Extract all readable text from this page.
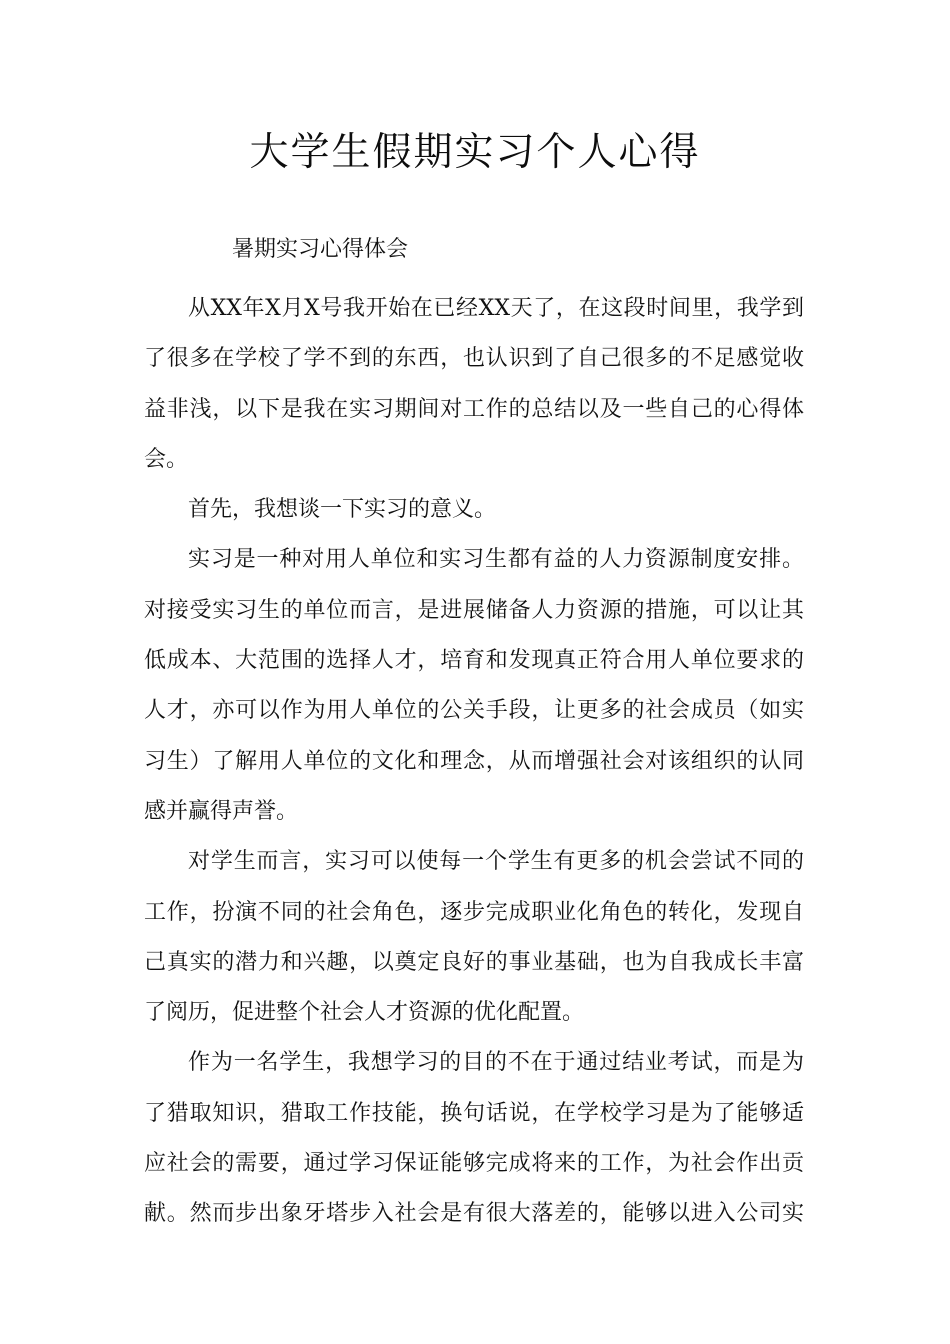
大学生假期实习个人心得

暑期实习心得体会

从XX年X月X号我开始在已经XX天了，在这段时间里，我学到
了很多在学校了学不到的东西，也认识到了自己很多的不足感觉收
益非浅，以下是我在实习期间对工作的总结以及一些自己的心得体
会。
首先，我想谈一下实习的意义。
实习是一种对用人单位和实习生都有益的人力资源制度安排。
对接受实习生的单位而言，是进展储备人力资源的措施，可以让其
低成本、大范围的选择人才，培育和发现真正符合用人单位要求的
人才，亦可以作为用人单位的公关手段，让更多的社会成员（如实
习生）了解用人单位的文化和理念，从而增强社会对该组织的认同
感并赢得声誉。
对学生而言，实习可以使每一个学生有更多的机会尝试不同的
工作，扮演不同的社会角色，逐步完成职业化角色的转化，发现自
己真实的潜力和兴趣，以奠定良好的事业基础，也为自我成长丰富
了阅历，促进整个社会人才资源的优化配置。
作为一名学生，我想学习的目的不在于通过结业考试，而是为
了猎取知识，猎取工作技能，换句话说，在学校学习是为了能够适
应社会的需要，通过学习保证能够完成将来的工作，为社会作出贡
献。然而步出象牙塔步入社会是有很大落差的，能够以进入公司实
